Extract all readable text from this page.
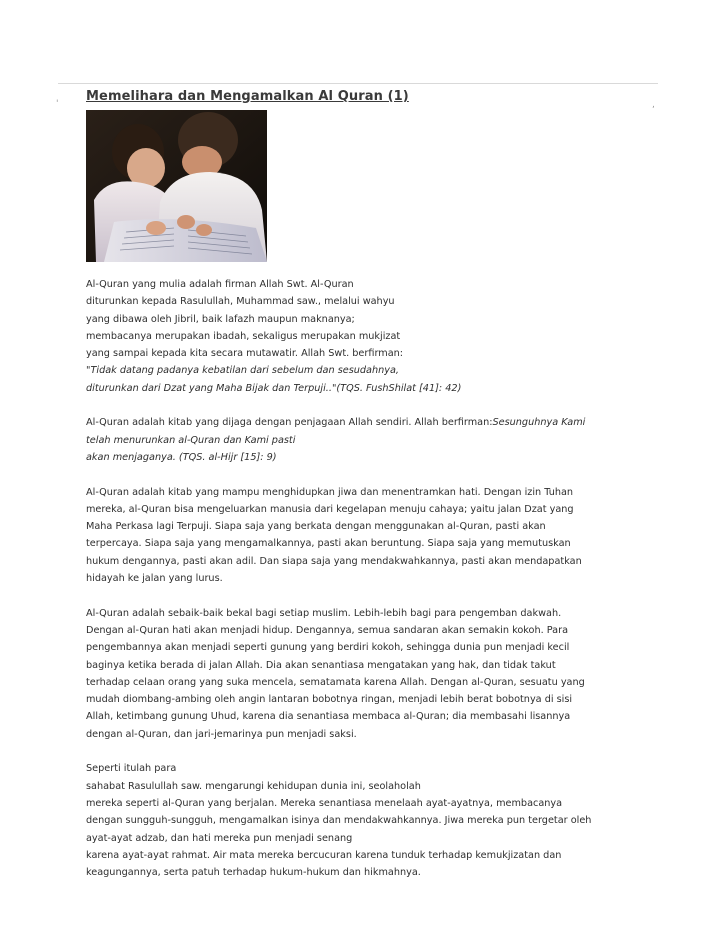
'	,
Memelihara dan Mengamalkan Al Quran (1)

Al-Quran yang mulia adalah firman Allah Swt. Al-Quran
diturunkan kepada Rasulullah, Muhammad saw., melalui wahyu
yang dibawa oleh Jibril, baik lafazh maupun maknanya;
membacanya merupakan ibadah, sekaligus merupakan mukjizat
yang sampai kepada kita secara mutawatir. Allah Swt. berfirman:
"Tidak datang padanya kebatilan dari sebelum dan sesudahnya,
diturunkan dari Dzat yang Maha Bijak dan Terpuji.."(TQS. FushShilat [41]: 42)

Al-Quran adalah kitab yang dijaga dengan penjagaan Allah sendiri. Allah berfirman:Sesunguhnya Kami
telah menurunkan al-Quran dan Kami pasti
akan menjaganya. (TQS. al-Hijr [15]: 9)

Al-Quran adalah kitab yang mampu menghidupkan jiwa dan menentramkan hati. Dengan izin Tuhan
mereka, al-Quran bisa mengeluarkan manusia dari kegelapan menuju cahaya; yaitu jalan Dzat yang
Maha Perkasa lagi Terpuji. Siapa saja yang berkata dengan menggunakan al-Quran, pasti akan
terpercaya. Siapa saja yang mengamalkannya, pasti akan beruntung. Siapa saja yang memutuskan
hukum dengannya, pasti akan adil. Dan siapa saja yang mendakwahkannya, pasti akan mendapatkan
hidayah ke jalan yang lurus.

Al-Quran adalah sebaik-baik bekal bagi setiap muslim. Lebih-lebih bagi para pengemban dakwah.
Dengan al-Quran hati akan menjadi hidup. Dengannya, semua sandaran akan semakin kokoh. Para
pengembannya akan menjadi seperti gunung yang berdiri kokoh, sehingga dunia pun menjadi kecil
baginya ketika berada di jalan Allah. Dia akan senantiasa mengatakan yang hak, dan tidak takut
terhadap celaan orang yang suka mencela, sematamata karena Allah. Dengan al-Quran, sesuatu yang
mudah diombang-ambing oleh angin lantaran bobotnya ringan, menjadi lebih berat bobotnya di sisi
Allah, ketimbang gunung Uhud, karena dia senantiasa membaca al-Quran; dia membasahi lisannya
dengan al-Quran, dan jari-jemarinya pun menjadi saksi.

Seperti itulah para
sahabat Rasulullah saw. mengarungi kehidupan dunia ini, seolaholah
mereka seperti al-Quran yang berjalan. Mereka senantiasa menelaah ayat-ayatnya, membacanya
dengan sungguh-sungguh, mengamalkan isinya dan mendakwahkannya. Jiwa mereka pun tergetar oleh
ayat-ayat adzab, dan hati mereka pun menjadi senang
karena ayat-ayat rahmat. Air mata mereka bercucuran karena tunduk terhadap kemukjizatan dan
keagungannya, serta patuh terhadap hukum-hukum dan hikmahnya.
